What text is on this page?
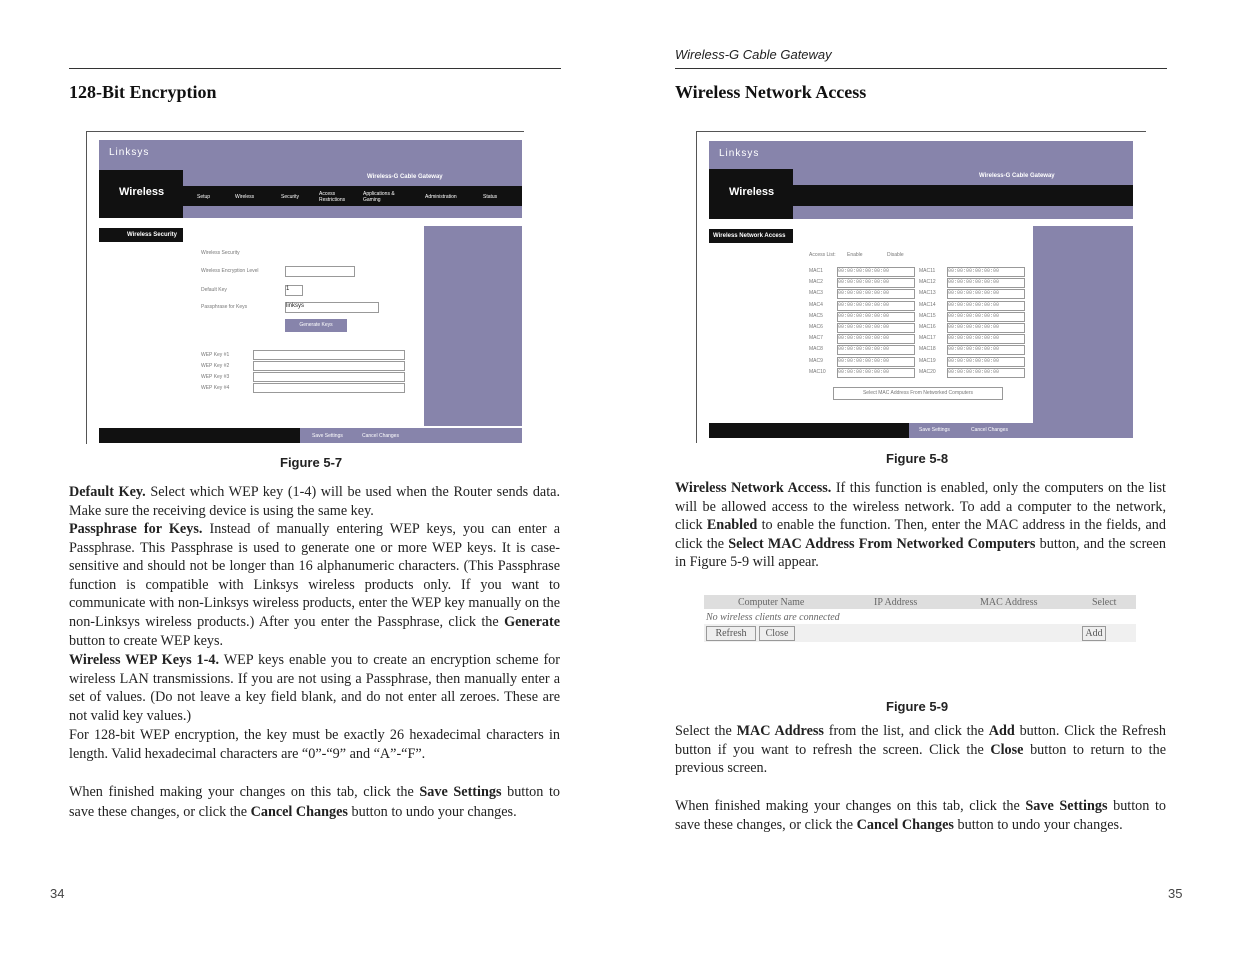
128-Bit Encryption
Linksys
Wireless
Wireless-G Cable Gateway
Setup	Wireless	Security	Access Restrictions
Applications & Gaming	Administration	Status
Wireless Security
Wireless Security
Wireless Encryption Level
Default Key	1
Passphrase for Keys	linksys
Generate Keys
WEP Key #1
WEP Key #2
WEP Key #3
WEP Key #4
Save Settings	Cancel Changes
Figure 5-7
Default Key. Select which WEP key (1-4) will be used when the Router sends data. Make sure the receiving device is using the same key.
Passphrase for Keys. Instead of manually entering WEP keys, you can enter a Passphrase. This Passphrase is used to generate one or more WEP keys. It is case-sensitive and should not be longer than 16 alphanumeric characters. (This Passphrase function is compatible with Linksys wireless products only. If you want to communicate with non-Linksys wireless products, enter the WEP key manually on the non-Linksys wireless products.) After you enter the Passphrase, click the Generate button to create WEP keys.
Wireless WEP Keys 1-4. WEP keys enable you to create an encryption scheme for wireless LAN transmissions. If you are not using a Passphrase, then manually enter a set of values. (Do not leave a key field blank, and do not enter all zeroes. These are not valid key values.)
For 128-bit WEP encryption, the key must be exactly 26 hexadecimal characters in length. Valid hexadecimal characters are “0”-“9” and “A”-“F”.
When finished making your changes on this tab, click the Save Settings button to save these changes, or click the Cancel Changes button to undo your changes.
34
Wireless-G Cable Gateway
Wireless Network Access
Linksys
Wireless
Wireless-G Cable Gateway
Wireless Network Access
Access List: Enable	Disable
Select MAC Address From Networked Computers
Save Settings	Cancel Changes
MAC1	00:00:00:00:00:00
MAC2	00:00:00:00:00:00
MAC3	00:00:00:00:00:00
MAC4	00:00:00:00:00:00
MAC5	00:00:00:00:00:00
MAC6	00:00:00:00:00:00
MAC7	00:00:00:00:00:00
MAC8	00:00:00:00:00:00
MAC9	00:00:00:00:00:00
MAC10 00:00:00:00:00:00
MAC11	00:00:00:00:00:00
MAC12 00:00:00:00:00:00
MAC13 00:00:00:00:00:00
MAC14 00:00:00:00:00:00
MAC15 00:00:00:00:00:00
MAC16 00:00:00:00:00:00
MAC17 00:00:00:00:00:00
MAC18 00:00:00:00:00:00
MAC19 00:00:00:00:00:00
MAC20 00:00:00:00:00:00
Figure 5-8
Wireless Network Access. If this function is enabled, only the computers on the list will be allowed access to the wireless network. To add a computer to the network, click Enabled to enable the function. Then, enter the MAC address in the fields, and click the Select MAC Address From Networked Computers button, and the screen in Figure 5-9 will appear.
Computer Name	IP Address	MAC Address	Select
No wireless clients are connected
Refresh	Close	Add
Figure 5-9
Select the MAC Address from the list, and click the Add button. Click the Refresh button if you want to refresh the screen. Click the Close button to return to the previous screen.
When finished making your changes on this tab, click the Save Settings button to save these changes, or click the Cancel Changes button to undo your changes.
35
